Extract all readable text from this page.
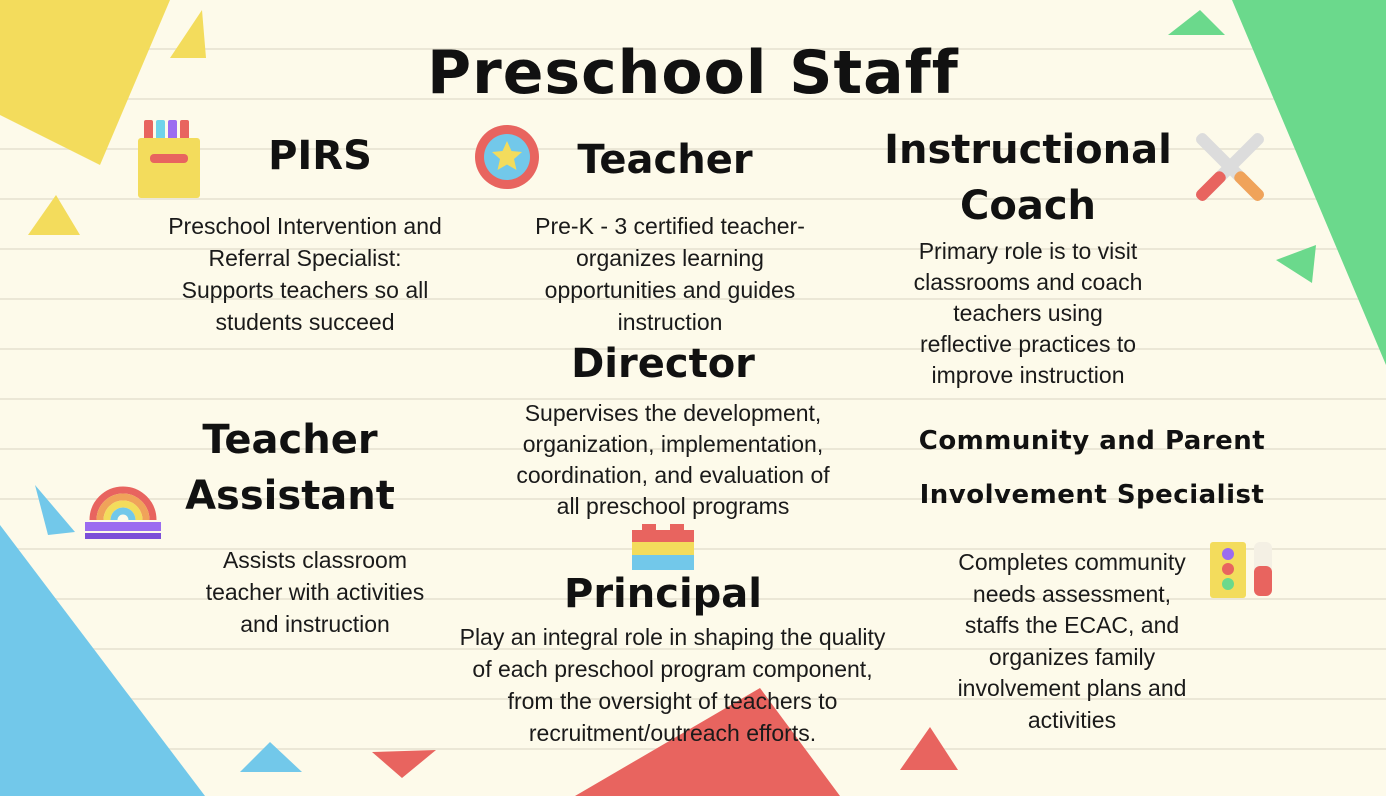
Preschool Staff
PIRS
Preschool Intervention and
Referral Specialist:
Supports teachers so all
students succeed
Teacher
Pre-K - 3 certified teacher-
organizes learning
opportunities and guides
instruction
Instructional
Coach
Primary role is to visit
classrooms and coach
teachers using
reflective practices to
improve instruction
Director
Supervises the development,
organization, implementation,
coordination, and evaluation of
all preschool programs
Teacher
Assistant
Assists classroom
teacher with activities
and instruction
Community and Parent
Involvement Specialist
Completes community
needs assessment,
staffs the ECAC, and
organizes family
involvement plans and
activities
Principal
Play an integral role in shaping the quality
of each preschool program component,
from the oversight of teachers to
recruitment/outreach efforts.
